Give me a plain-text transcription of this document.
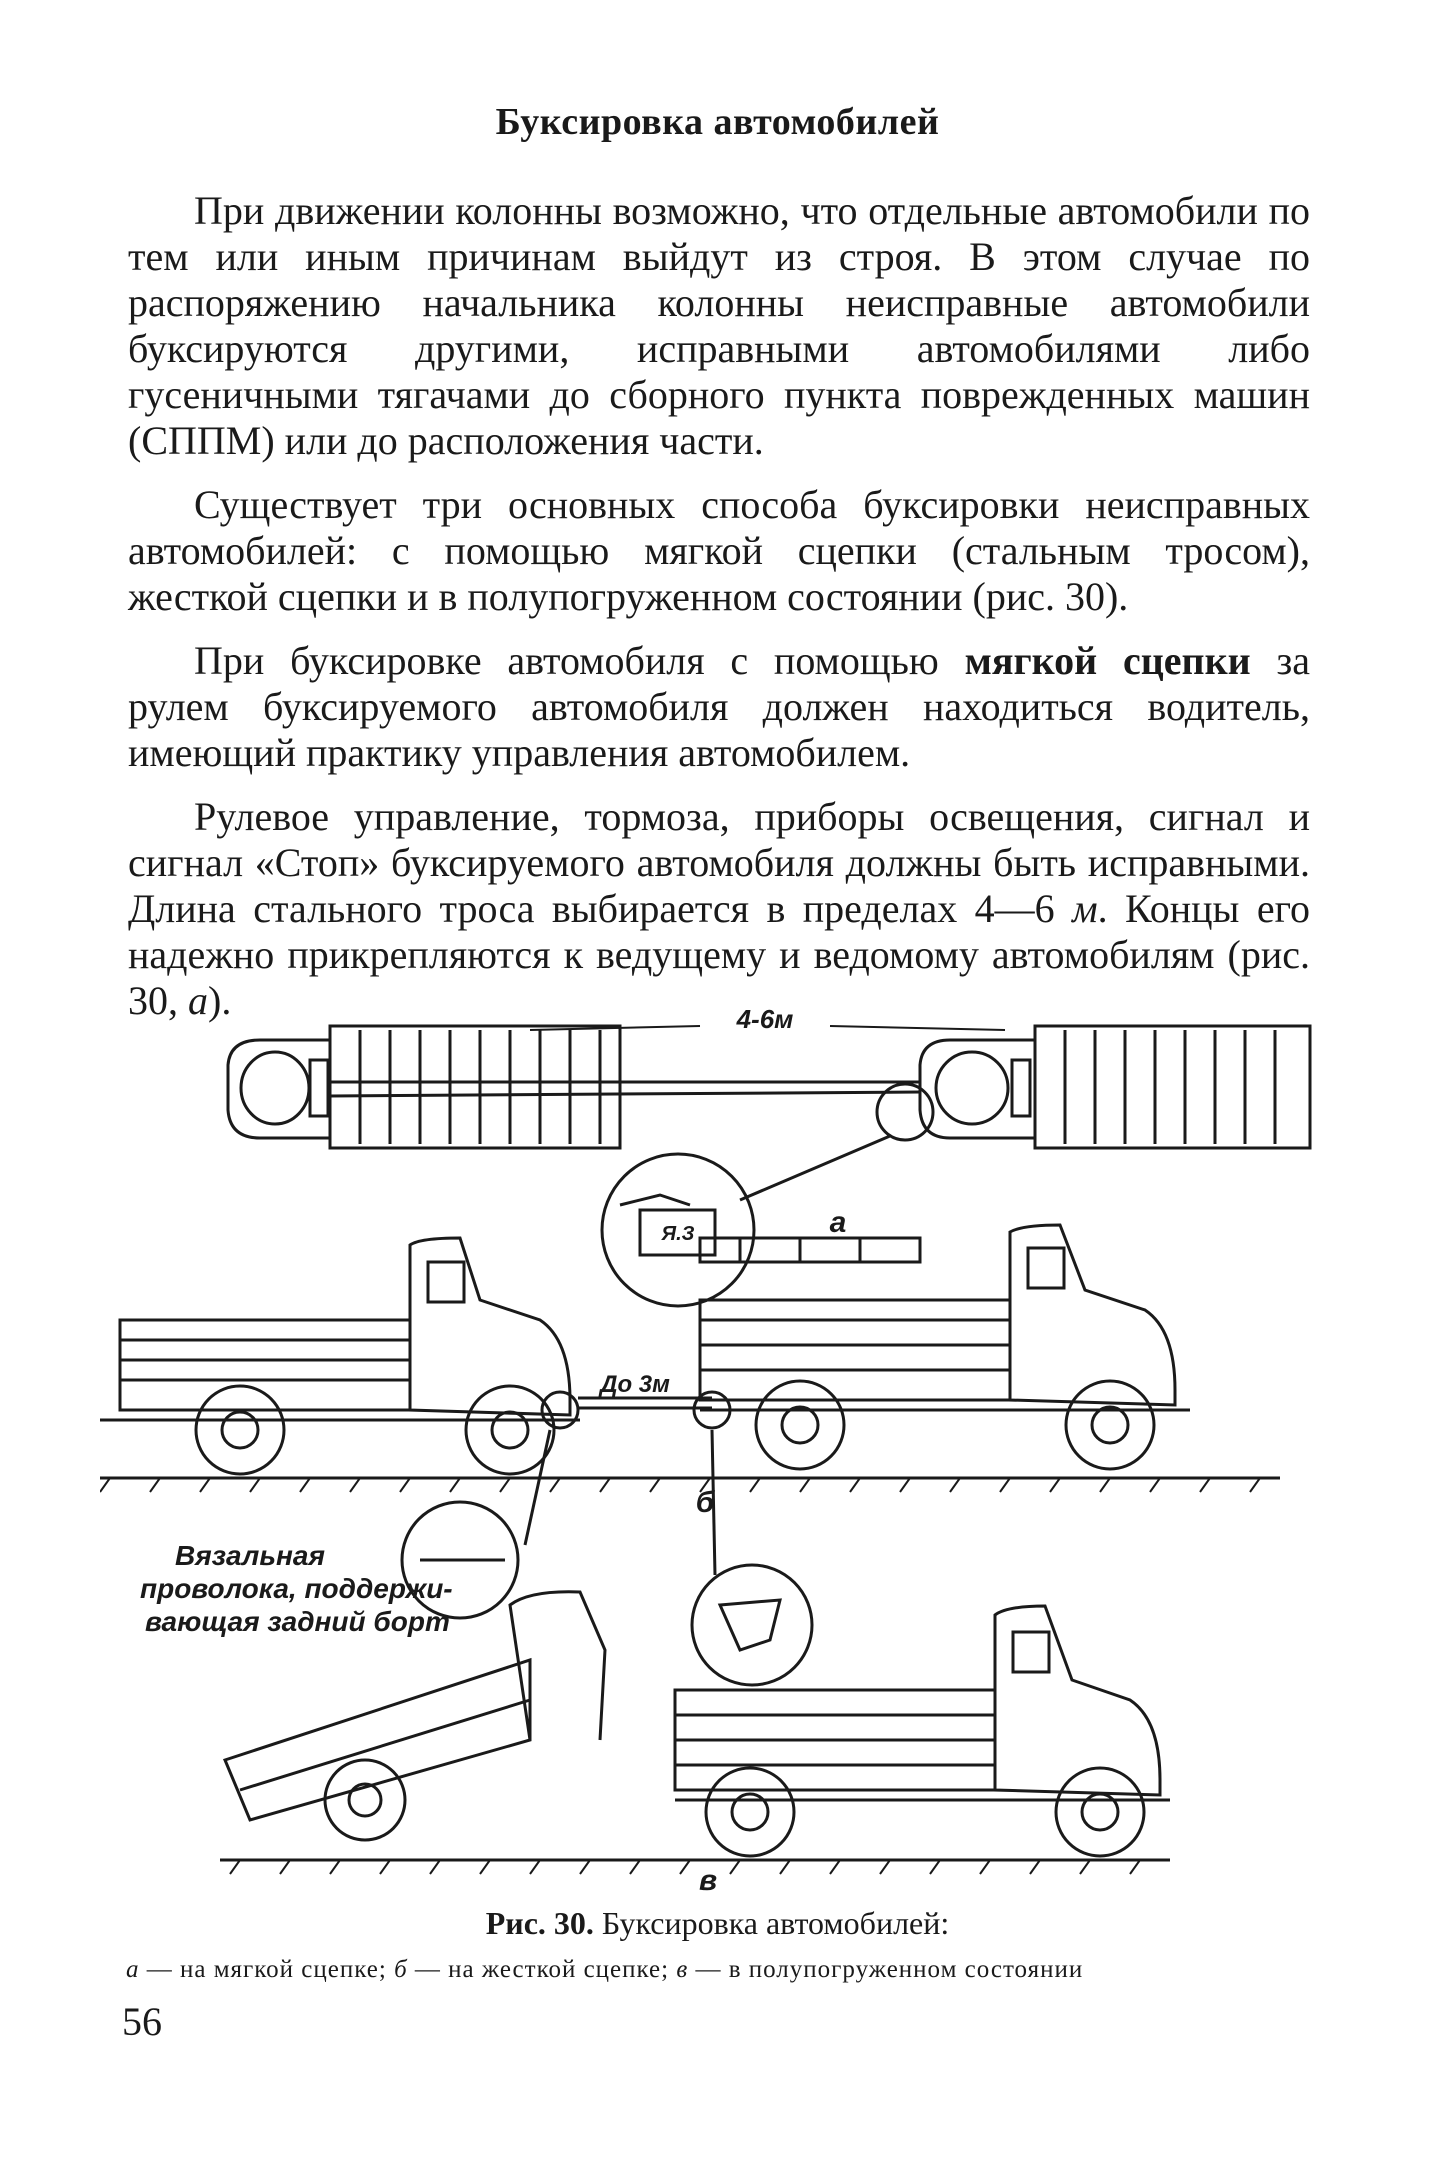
Буксировка автомобилей

При движении колонны возможно, что отдельные автомобили по тем или иным причинам выйдут из строя. В этом случае по распоряжению начальника колонны неисправные автомобили буксируются другими, исправными автомобилями либо гусеничными тягачами до сборного пункта поврежденных машин (СППМ) или до расположения части.

Существует три основных способа буксировки неисправных автомобилей: с помощью мягкой сцепки (стальным тросом), жесткой сцепки и в полупогруженном состоянии (рис. 30).

При буксировке автомобиля с помощью мягкой сцепки за рулем буксируемого автомобиля должен находиться водитель, имеющий практику управления автомобилем.

Рулевое управление, тормоза, приборы освещения, сигнал и сигнал «Стоп» буксируемого автомобиля должны быть исправными. Длина стального троса выбирается в пределах 4—6 м. Концы его надежно прикрепляются к ведущему и ведомому автомобилям (рис. 30, а).	4-6м
Я.З	а
До 3м
б
Вязальная
проволока, поддержи-
вающая задний борт
в
Рис. 30. Буксировка автомобилей:
а — на мягкой сцепке; б — на жесткой сцепке; в — в полупогруженном состоянии
56
